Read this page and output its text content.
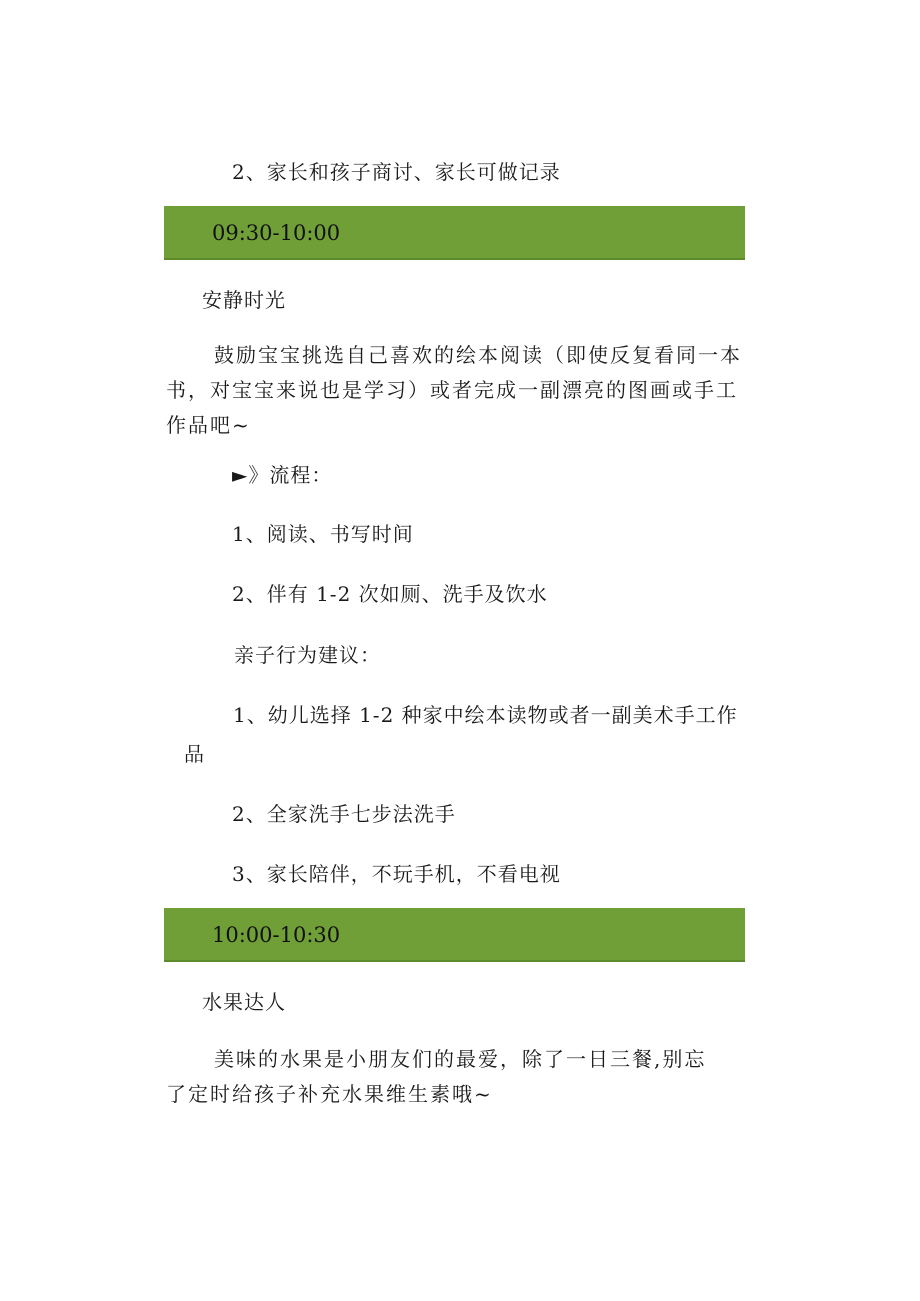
2、家长和孩子商讨、家长可做记录
09:30-10:00
安静时光
鼓励宝宝挑选自己喜欢的绘本阅读（即使反复看同一本书，对宝宝来说也是学习）或者完成一副漂亮的图画或手工作品吧~
►》流程：
1、阅读、书写时间
2、伴有 1-2 次如厕、洗手及饮水
亲子行为建议：
1、幼儿选择 1-2 种家中绘本读物或者一副美术手工作
品
2、全家洗手七步法洗手
3、家长陪伴，不玩手机，不看电视
10:00-10:30
水果达人
美味的水果是小朋友们的最爱，除了一日三餐,别忘了定时给孩子补充水果维生素哦~
